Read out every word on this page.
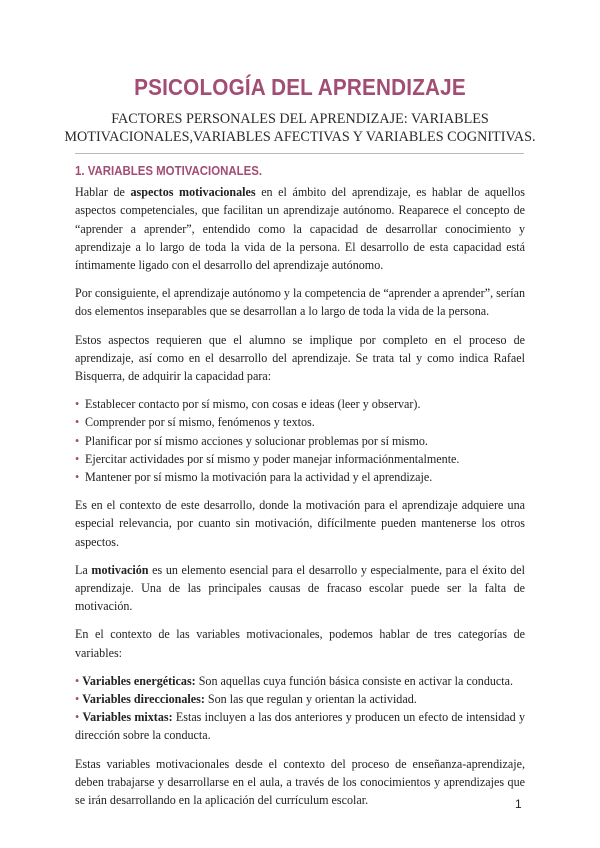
PSICOLOGÍA DEL APRENDIZAJE

FACTORES PERSONALES DEL APRENDIZAJE: VARIABLES MOTIVACIONALES,VARIABLES AFECTIVAS Y VARIABLES COGNITIVAS.

1. VARIABLES MOTIVACIONALES.

Hablar de aspectos motivacionales en el ámbito del aprendizaje, es hablar de aquellos aspectos competenciales, que facilitan un aprendizaje autónomo. Reaparece el concepto de “aprender a aprender”, entendido como la capacidad de desarrollar conocimiento y aprendizaje a lo largo de toda la vida de la persona. El desarrollo de esta capacidad está íntimamente ligado con el desarrollo del aprendizaje autónomo.

Por consiguiente, el aprendizaje autónomo y la competencia de “aprender a aprender”, serían dos elementos inseparables que se desarrollan a lo largo de toda la vida de la persona.

Estos aspectos requieren que el alumno se implique por completo en el proceso de aprendizaje, así como en el desarrollo del aprendizaje. Se trata tal y como indica Rafael Bisquerra, de adquirir la capacidad para:

• Establecer contacto por sí mismo, con cosas e ideas (leer y observar).
• Comprender por sí mismo, fenómenos y textos.
• Planificar por sí mismo acciones y solucionar problemas por sí mismo.
• Ejercitar actividades por sí mismo y poder manejar informaciónmentalmente.
• Mantener por sí mismo la motivación para la actividad y el aprendizaje.

Es en el contexto de este desarrollo, donde la motivación para el aprendizaje adquiere una especial relevancia, por cuanto sin motivación, difícilmente pueden mantenerse los otros aspectos.

La motivación es un elemento esencial para el desarrollo y especialmente, para el éxito del aprendizaje. Una de las principales causas de fracaso escolar puede ser la falta de motivación.

En el contexto de las variables motivacionales, podemos hablar de tres categorías de variables:

• Variables energéticas: Son aquellas cuya función básica consiste en activar la conducta.

• Variables direccionales: Son las que regulan y orientan la actividad.

• Variables mixtas: Estas incluyen a las dos anteriores y producen un efecto de intensidad y dirección sobre la conducta.

Estas variables motivacionales desde el contexto del proceso de enseñanza-aprendizaje, deben trabajarse y desarrollarse en el aula, a través de los conocimientos y aprendizajes que se irán desarrollando en la aplicación del currículum escolar.	1
